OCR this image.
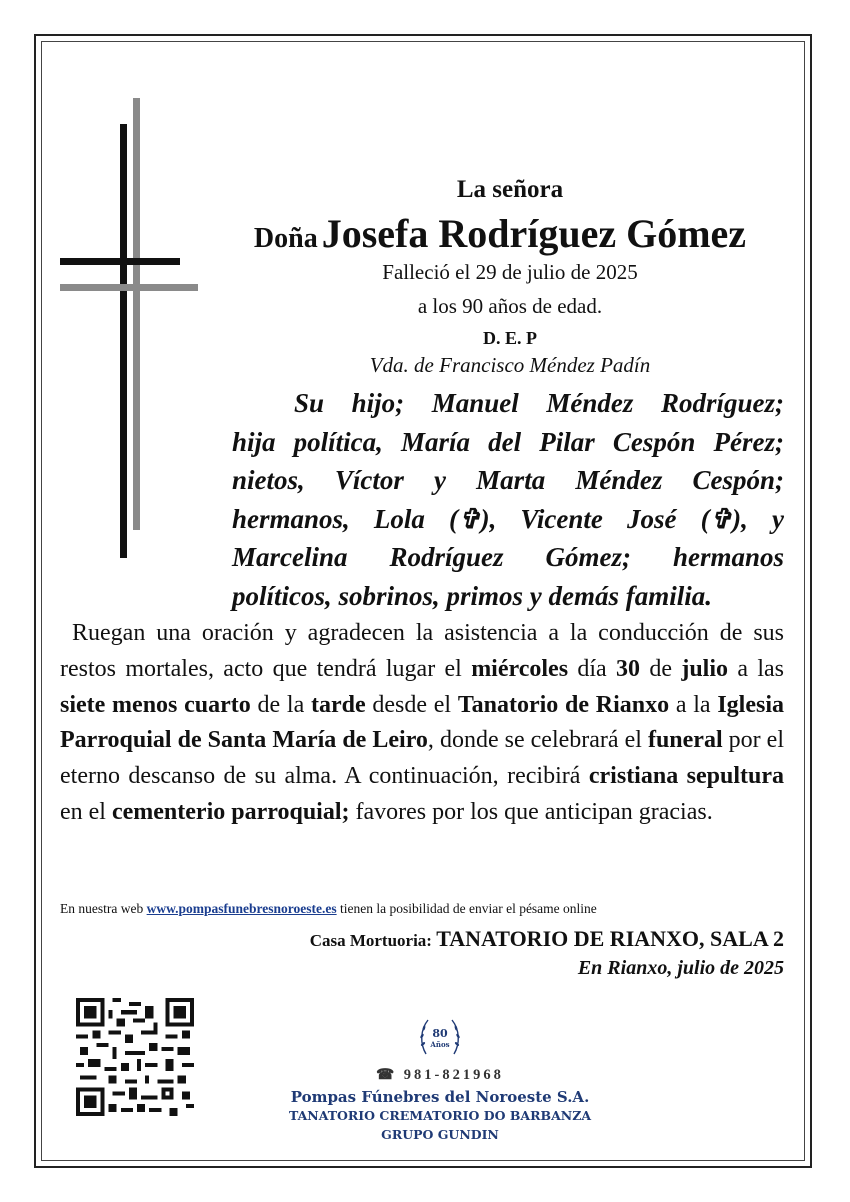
La señora
Doña Josefa Rodríguez Gómez
Falleció el 29 de julio de 2025
a los 90 años de edad.
D. E. P
Vda. de Francisco Méndez Padín

Su hijo; Manuel Méndez Rodríguez;

hija política, María del Pilar Cespón Pérez;
nietos, Víctor y Marta Méndez Cespón;
hermanos, Lola (✞), Vicente José (✞), y
Marcelina Rodríguez Gómez; hermanos
políticos, sobrinos, primos y demás familia.

Ruegan una oración y agradecen la asistencia a la conducción de sus restos mortales, acto que tendrá lugar el miércoles día 30 de julio a las siete menos cuarto de la tarde desde el Tanatorio de Rianxo a la Iglesia Parroquial de Santa María de Leiro, donde se celebrará el funeral por el eterno descanso de su alma. A continuación, recibirá cristiana sepultura en el cementerio parroquial; favores por los que anticipan gracias.

En nuestra web www.pompasfunebresnoroeste.es tienen la posibilidad de enviar el pésame online
Casa Mortuoria: TANATORIO DE RIANXO, SALA 2
En Rianxo, julio de 2025
80
Años
☎ 981-821968
Pompas Fúnebres del Noroeste S.A.
TANATORIO CREMATORIO DO BARBANZA
GRUPO GUNDIN
